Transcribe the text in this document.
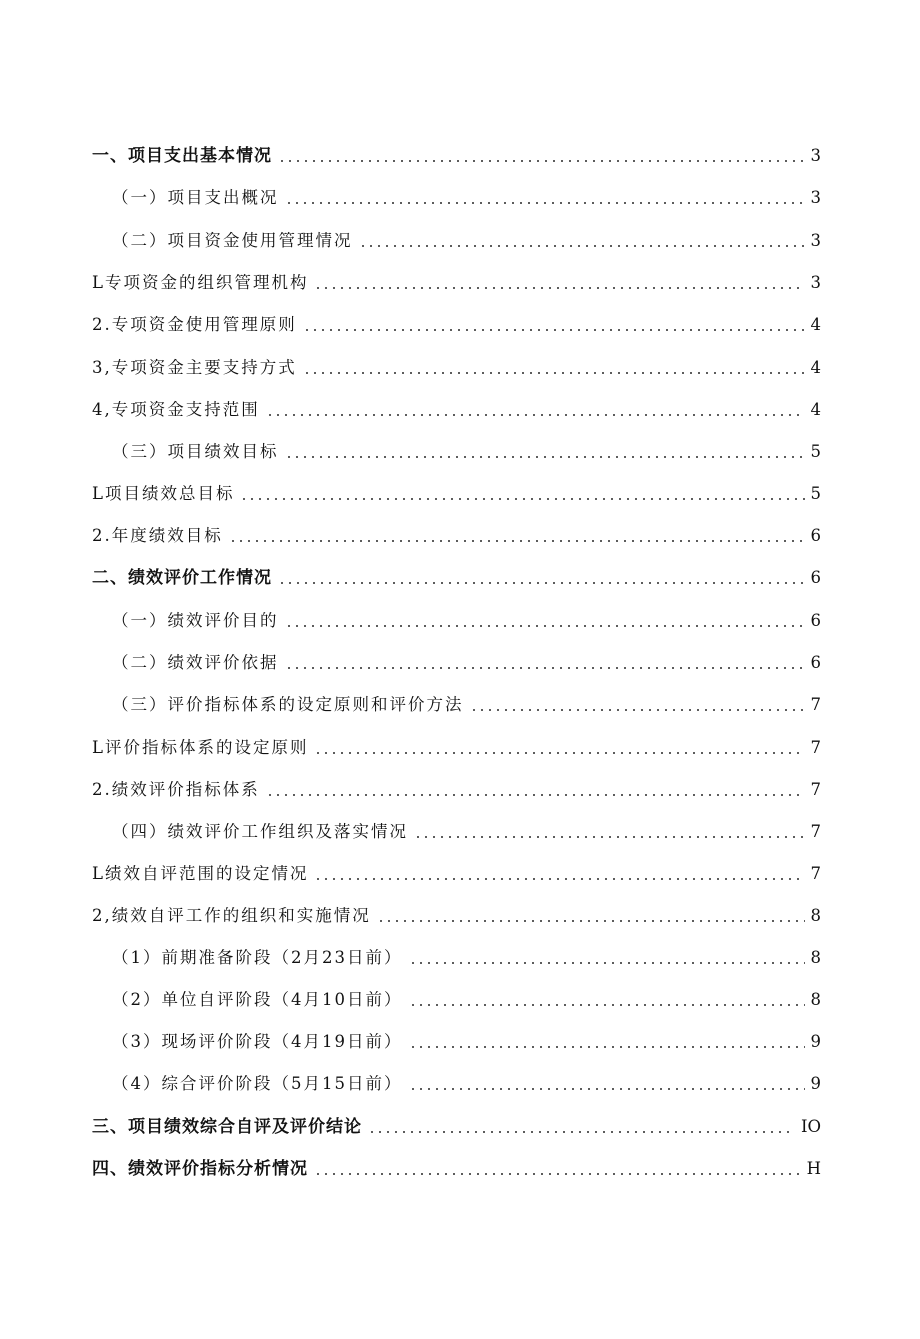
一、项目支出基本情况	3
（一）项目支出概况	3
（二）项目资金使用管理情况	3
L专项资金的组织管理机构	3
2.专项资金使用管理原则	4
3,专项资金主要支持方式	4
4,专项资金支持范围	4
（三）项目绩效目标	5
L项目绩效总目标	5
2.年度绩效目标	6
二、绩效评价工作情况	6
（一）绩效评价目的	6
（二）绩效评价依据	6
（三）评价指标体系的设定原则和评价方法	7
L评价指标体系的设定原则	7
2.绩效评价指标体系	7
（四）绩效评价工作组织及落实情况	7
L绩效自评范围的设定情况	7
2,绩效自评工作的组织和实施情况	8
（1）前期准备阶段（2月23日前）	8
（2）单位自评阶段（4月10日前）	8
（3）现场评价阶段（4月19日前）	9
（4）综合评价阶段（5月15日前）	9
三、项目绩效综合自评及评价结论	IO
四、绩效评价指标分析情况	H
